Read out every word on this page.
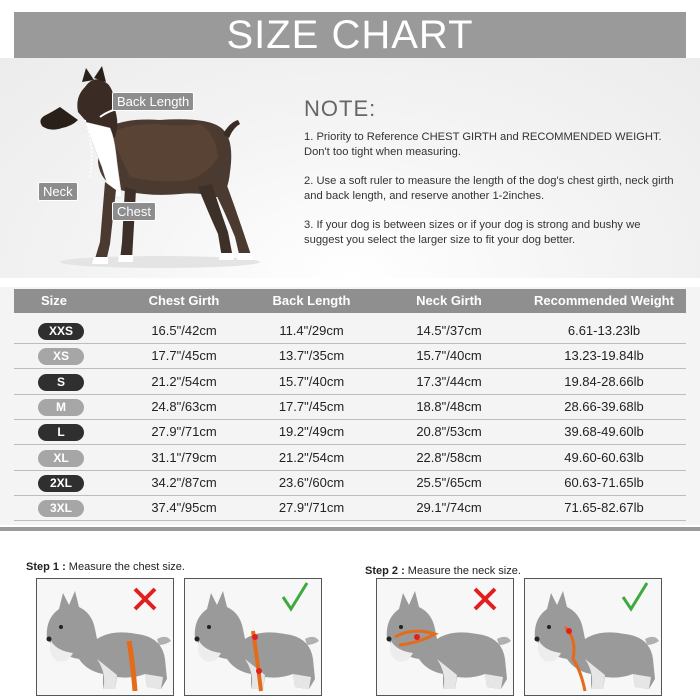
SIZE CHART
Back Length
Neck
Chest
NOTE:

1. Priority to Reference CHEST GIRTH and RECOMMENDED WEIGHT. Don't too tight when measuring.

2. Use a soft ruler to measure the length of the dog's chest girth, neck girth and back length, and reserve another 1-2inches.

3. If your dog is between sizes or if your dog is strong and bushy we suggest you select the larger size to fit your dog better.

Size	Chest Girth	Back Length	Neck Girth	Recommended Weight
XXS	16.5"/42cm	11.4"/29cm	14.5"/37cm	6.61-13.23lb
XS	17.7"/45cm	13.7"/35cm	15.7"/40cm	13.23-19.84lb
S	21.2"/54cm	15.7"/40cm	17.3"/44cm	19.84-28.66lb
M	24.8"/63cm	17.7"/45cm	18.8"/48cm	28.66-39.68lb
L	27.9"/71cm	19.2"/49cm	20.8"/53cm	39.68-49.60lb
XL	31.1"/79cm	21.2"/54cm	22.8"/58cm	49.60-60.63lb
2XL	34.2"/87cm	23.6"/60cm	25.5"/65cm	60.63-71.65lb
3XL	37.4"/95cm	27.9"/71cm	29.1"/74cm	71.65-82.67lb
Step 1 : Measure the chest size.	Step 2 : Measure the neck size.
